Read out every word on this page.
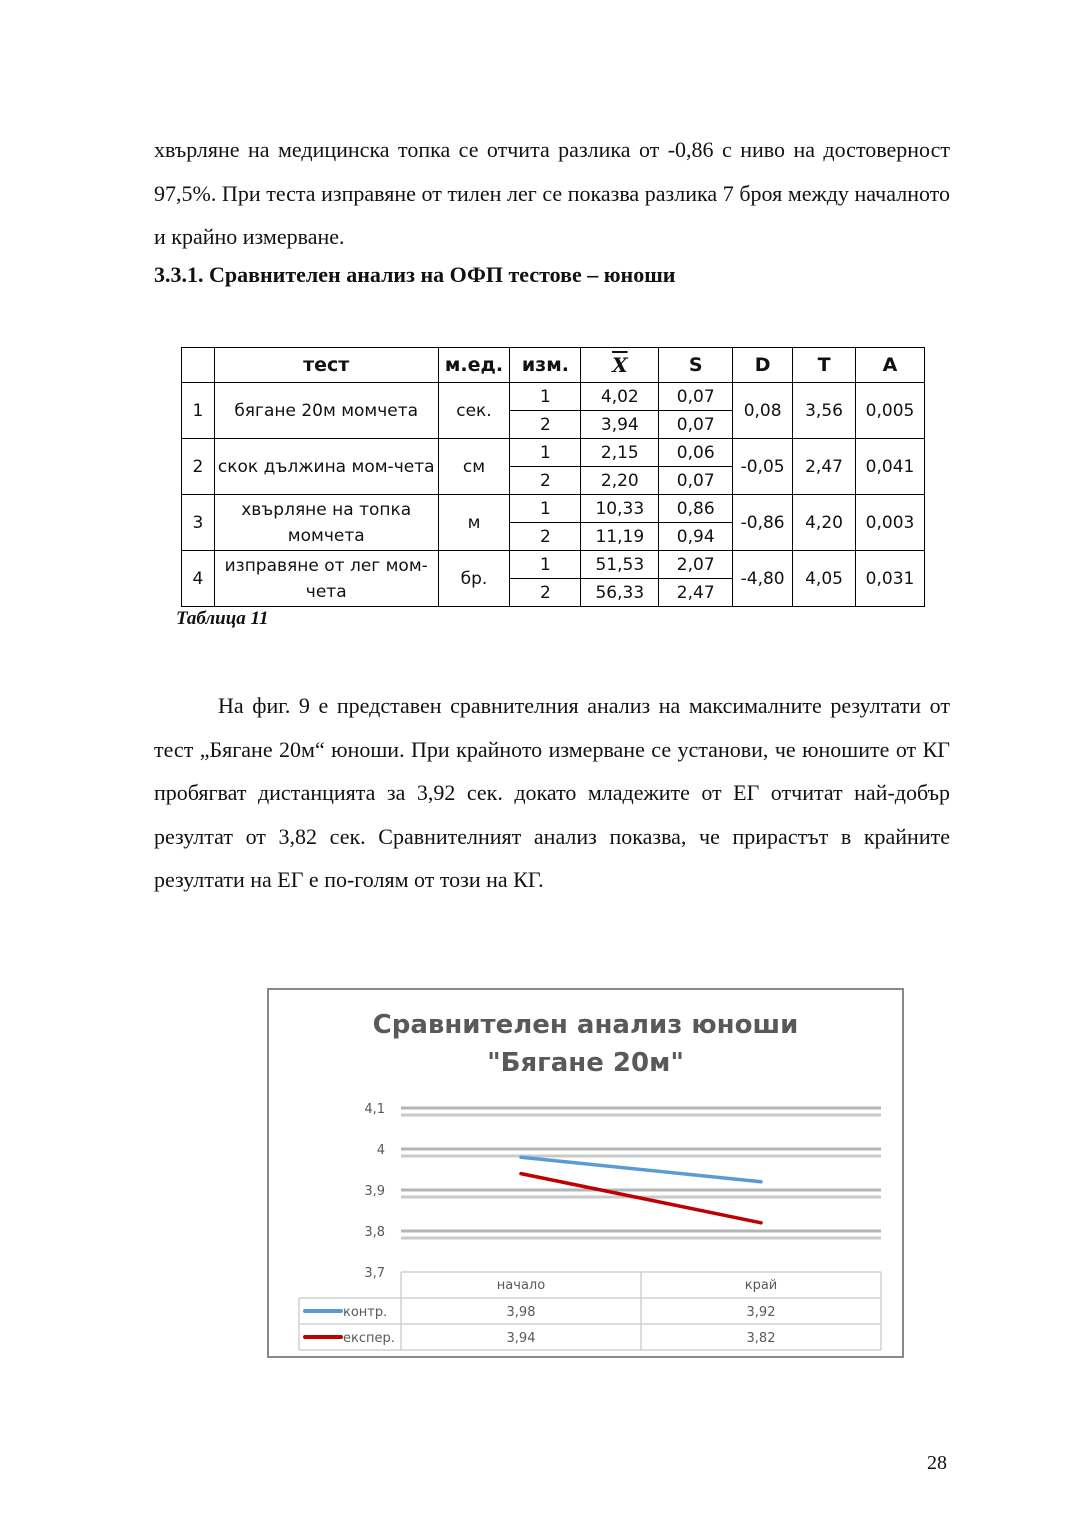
хвърляне на медицинска топка се отчита разлика от -0,86 с ниво на достоверност 97,5%. При теста изправяне от тилен лег се показва разлика 7 броя между началното и крайно измерване.

3.3.1. Сравнителен анализ на ОФП тестове – юноши

	тест	м.ед.	изм.	$\overline{X}$	S	D	T	A
1	бягане 20м момчета	сек.	1	4,02	0,07	0,08	3,56	0,005
			2	3,94	0,07			
2	скок дължина мом-чета	см	1	2,15	0,06	-0,05	2,47	0,041
			2	2,20	0,07			
3	хвърляне на топка момчета	м	1	10,33	0,86	-0,86	4,20	0,003
			2	11,19	0,94			
4	изправяне от лег мом-чета	бр.	1	51,53	2,07	-4,80	4,05	0,031
			2	56,33	2,47			

Таблица 11

На фиг. 9 е представен сравнителния анализ на максималните резултати от тест „Бягане 20м“ юноши. При крайното измерване се установи, че юношите от КГ пробягват дистанцията за 3,92 сек. докато младежите от ЕГ отчитат най-добър резултат от 3,82 сек. Сравнителният анализ показва, че прирастът в крайните резултати на ЕГ е по-голям от този на КГ.
Сравнителен анализ юноши
"Бягане 20м"
3,7
3,8
3,9
4
4,1
начало	край
контр.	3,98	3,92
експер.	3,94	3,82

28
